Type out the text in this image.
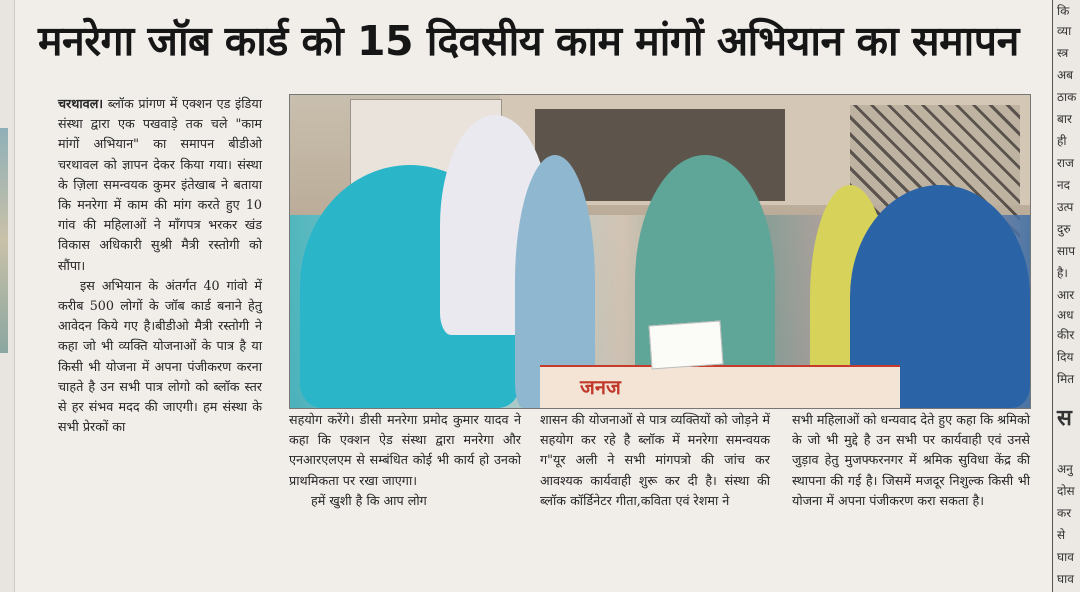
मनरेगा जॉब कार्ड को 15 दिवसीय काम मांगों अभियान का समापन

चरथावल। ब्लॉक प्रांगण में एक्शन एड इंडिया संस्था द्वारा एक पखवाड़े तक चले "काम मांगों अभियान" का समापन बीडीओ चरथावल को ज्ञापन देकर किया गया। संस्था के ज़िला समन्वयक कुमर इंतेखाब ने बताया कि मनरेगा में काम की मांग करते हुए 10 गांव की महिलाओं ने माँगपत्र भरकर खंड विकास अधिकारी सुश्री मैत्री रस्तोगी को सौंपा।

इस अभियान के अंतर्गत 40 गांवो में करीब 500 लोगों के जॉब कार्ड बनाने हेतु आवेदन किये गए है।बीडीओ मैत्री रस्तोगी ने कहा जो भी व्यक्ति योजनाओं के पात्र है या किसी भी योजना में अपना पंजीकरण करना चाहते है उन सभी पात्र लोगो को ब्लॉक स्तर से हर संभव मदद की जाएगी। हम संस्था के सभी प्रेरकों का

जनज

सहयोग करेंगे। डीसी मनरेगा प्रमोद कुमार यादव ने कहा कि एक्शन ऐड संस्था द्वारा मनरेगा और एनआरएलएम से सम्बंधित कोई भी कार्य हो उनको प्राथमिकता पर रखा जाएगा।

हमें खुशी है कि आप लोग

शासन की योजनाओं से पात्र व्यक्तियों को जोड़ने में सहयोग कर रहे है ब्लॉक में मनरेगा समन्वयक ग"यूर अली ने सभी मांगपत्रो की जांच कर आवश्यक कार्यवाही शुरू कर दी है। संस्था की ब्लॉक कॉर्डिनेटर गीता,कविता एवं रेशमा ने

सभी महिलाओं को धन्यवाद देते हुए कहा कि श्रमिको के जो भी मुद्दे है उन सभी पर कार्यवाही एवं उनसे जुड़ाव हेतु मुजफ्फरनगर में श्रमिक सुविधा केंद्र की स्थापना की गई है। जिसमें मजदूर निशुल्क किसी भी योजना में अपना पंजीकरण करा सकता है।

कि
व्या
स्त्र
अब
ठाक
बार
ही
राज
नद
उत्प
दुरु
साप
है।
आर
अध
कीर
दिय
मित
स
अनु
दोस
कर
से
घाव
घाव
